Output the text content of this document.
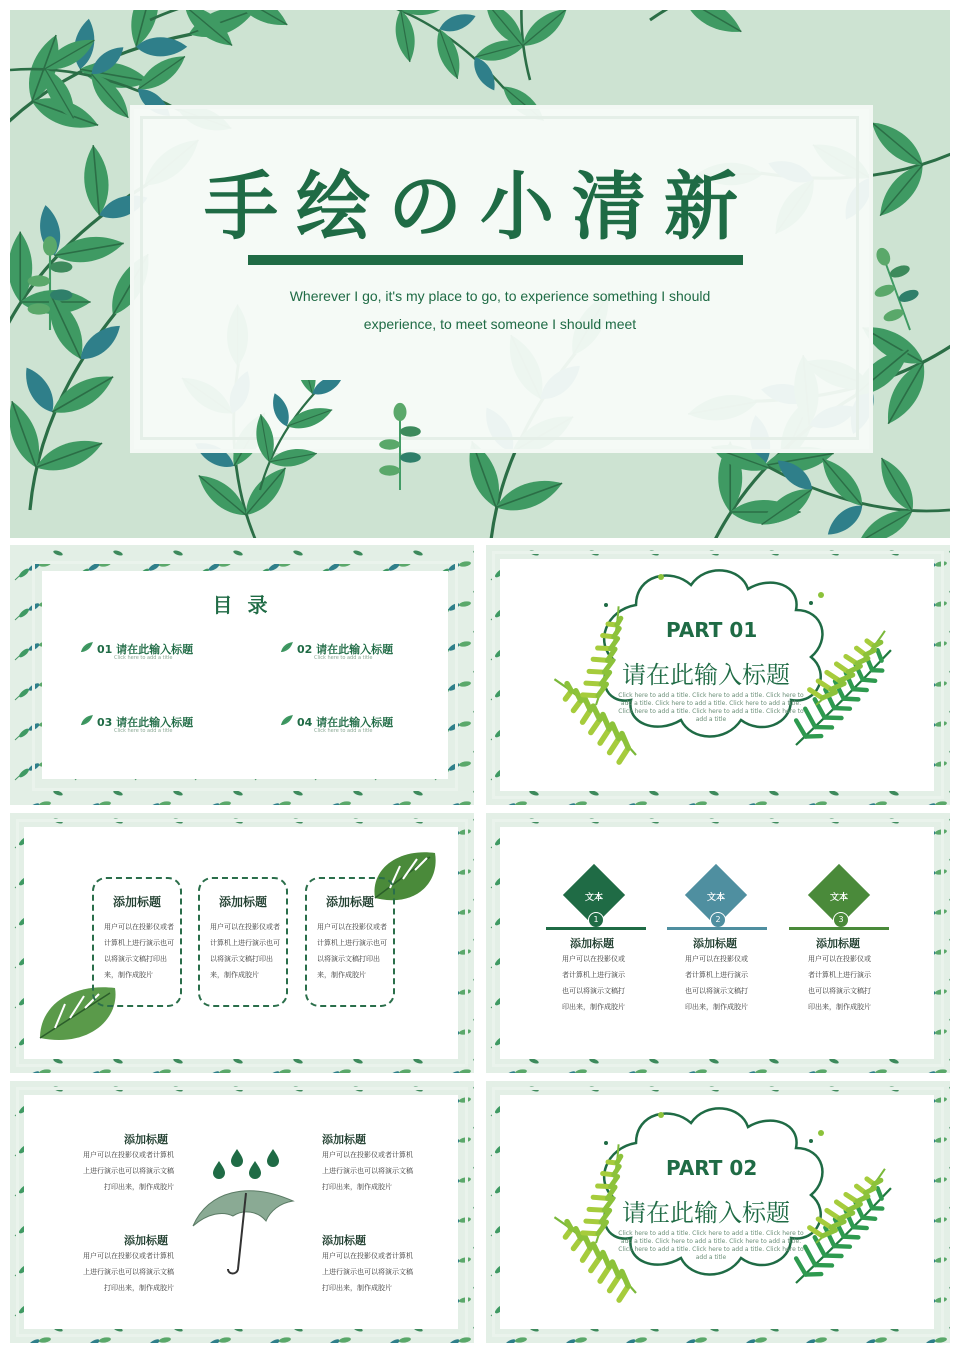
手绘の小清新
Wherever I go, it's my place to go, to experience something I should
experience, to meet someone I should meet
目 录
01 请在此输入标题
Click here to add a title
02 请在此输入标题
Click here to add a title
03 请在此输入标题
Click here to add a title
04 请在此输入标题
Click here to add a title
PART 01
请在此输入标题
Click here to add a title. Click here to add a title. Click here to add a title. Click here to add a title. Click here to add a title. Click here to add a title. Click here to add a title. Click here to add a title
添加标题

用户可以在投影仪或者计算机上进行演示也可以将演示文稿打印出来，制作成胶片

添加标题

用户可以在投影仪或者计算机上进行演示也可以将演示文稿打印出来，制作成胶片

添加标题

用户可以在投影仪或者计算机上进行演示也可以将演示文稿打印出来，制作成胶片

文本
1
添加标题
用户可以在投影仪或者计算机上进行演示也可以将演示文稿打印出来，制作成胶片
文本
2
添加标题
用户可以在投影仪或者计算机上进行演示也可以将演示文稿打印出来，制作成胶片
文本
3
添加标题
用户可以在投影仪或者计算机上进行演示也可以将演示文稿打印出来，制作成胶片
添加标题
用户可以在投影仪或者计算机上进行演示也可以将演示文稿打印出来，制作成胶片
添加标题
用户可以在投影仪或者计算机上进行演示也可以将演示文稿打印出来，制作成胶片
添加标题
用户可以在投影仪或者计算机上进行演示也可以将演示文稿打印出来，制作成胶片
添加标题
用户可以在投影仪或者计算机上进行演示也可以将演示文稿打印出来，制作成胶片
PART 02
请在此输入标题
Click here to add a title. Click here to add a title. Click here to add a title. Click here to add a title. Click here to add a title. Click here to add a title. Click here to add a title. Click here to add a title
